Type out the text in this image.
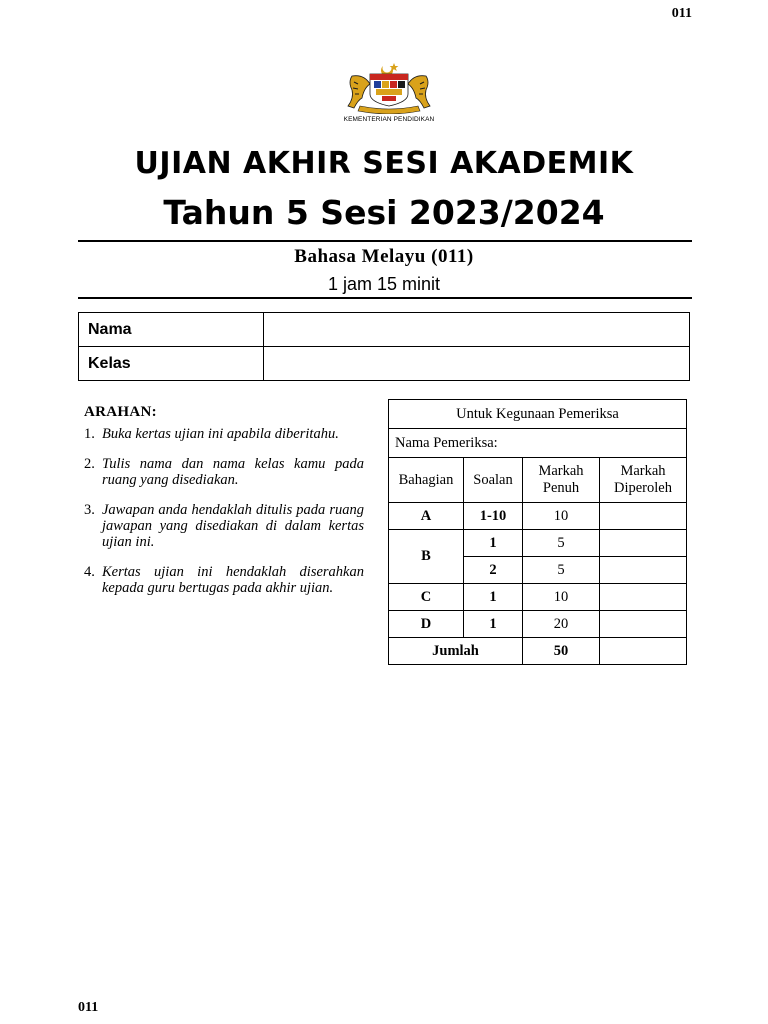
011
KEMENTERIAN PENDIDIKAN
UJIAN AKHIR SESI AKADEMIK
Tahun 5 Sesi 2023/2024
Bahasa Melayu (011)
1 jam 15 minit
Nama	
Kelas	
ARAHAN:
1. Buka kertas ujian ini apabila diberitahu.
2. Tulis nama dan nama kelas kamu pada ruang yang disediakan.
3. Jawapan anda hendaklah ditulis pada ruang jawapan yang disediakan di dalam kertas ujian ini.
4. Kertas ujian ini hendaklah diserahkan kepada guru bertugas pada akhir ujian.
Untuk Kegunaan Pemeriksa			
Nama Pemeriksa:			
Bahagian	Soalan	Markah Penuh	Markah Diperoleh
A	1-10	10	
B	1	5	
	2	5	
C	1	10	
D	1	20	
Jumlah		50	
011
